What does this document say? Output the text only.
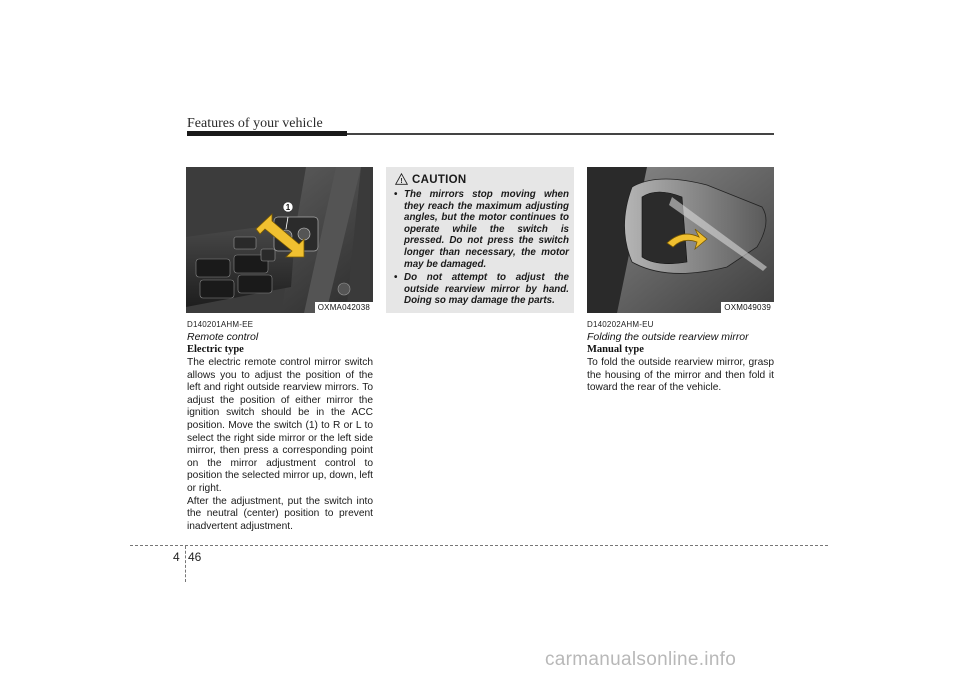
Features of your vehicle
1
OXMA042038
D140201AHM-EE
Remote control
Electric type
The electric remote control mirror switch allows you to adjust the position of the left and right outside rearview mirrors. To adjust the position of either mirror the ignition switch should be in the ACC position. Move the switch (1) to R or L to select the right side mirror or the left side mirror, then press a corresponding point on the mirror adjustment control to position the selected mirror up, down, left or right.
After the adjustment, put the switch into the neutral (center) position to prevent inadvertent adjustment.
! CAUTION
• The mirrors stop moving when they reach the maximum adjusting angles, but the motor continues to operate while the switch is pressed. Do not press the switch longer than necessary, the motor may be damaged.
• Do not attempt to adjust the outside rearview mirror by hand. Doing so may damage the parts.
OXM049039
D140202AHM-EU
Folding the outside rearview mirror
Manual type
To fold the outside rearview mirror, grasp the housing of the mirror and then fold it toward the rear of the vehicle.
4 46
carmanualsonline.info
